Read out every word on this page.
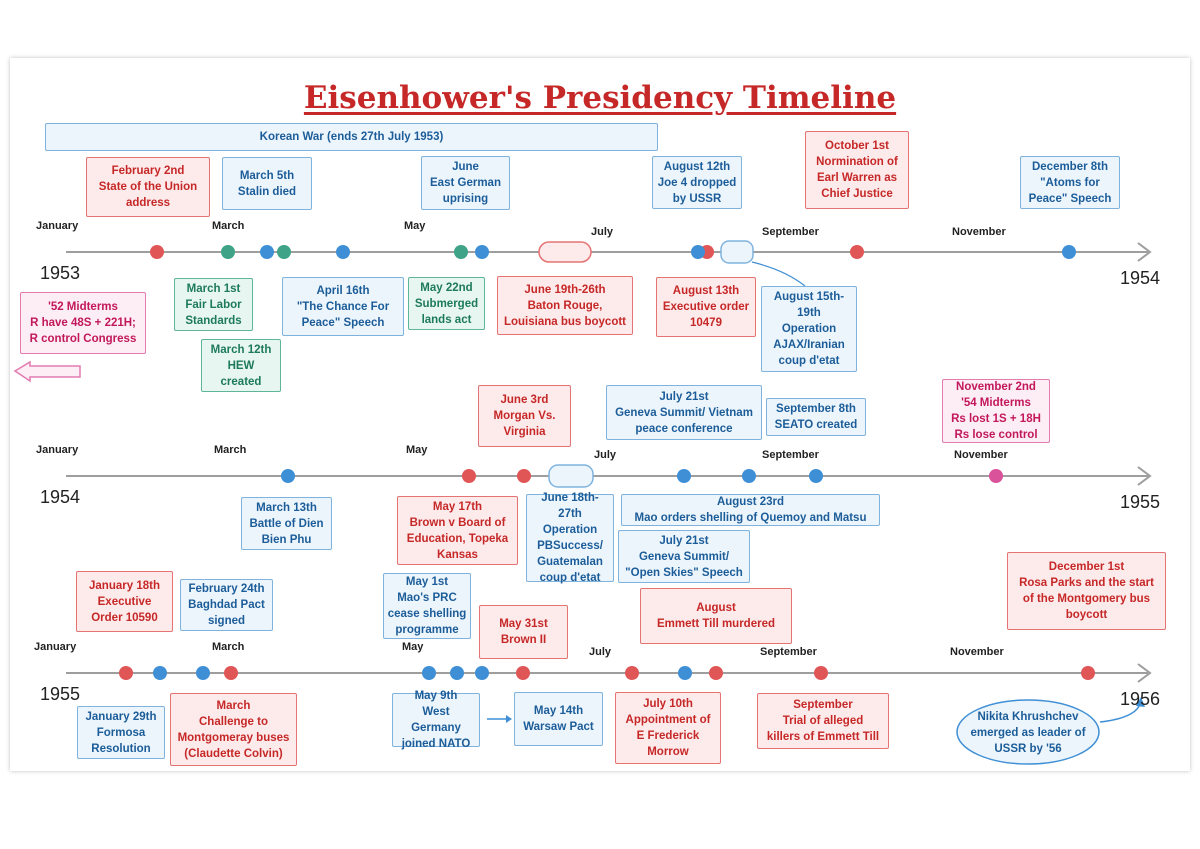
Eisenhower's Presidency Timeline
January	March	May	July	September	November
1953	1954
January	March	May	July	September	November
1954	1955
January	March	May	July	September	November
1955	1956
Korean War (ends 27th July 1953)
February 2nd
State of the Union
address
March 5th
Stalin died
June
East German
uprising
August 12th
Joe 4 dropped
by USSR
October 1st
Normination of
Earl Warren as
Chief Justice
December 8th
"Atoms for
Peace" Speech
March 1st
Fair Labor
Standards
April 16th
"The Chance For
Peace" Speech
May 22nd
Submerged
lands act
June 19th-26th
Baton Rouge,
Louisiana bus boycott
August 13th
Executive order
10479
August 15th-
19th
Operation
AJAX/Iranian
coup d'etat
'52 Midterms
R have 48S + 221H;
R control Congress
March 12th
HEW
created
June 3rd
Morgan Vs.
Virginia
July 21st
Geneva Summit/ Vietnam
peace conference
September 8th
SEATO created
November 2nd
'54 Midterms
Rs lost 1S + 18H
Rs lose control
March 13th
Battle of Dien
Bien Phu
May 17th
Brown v Board of
Education, Topeka
Kansas
June 18th-27th
Operation
PBSuccess/
Guatemalan
coup d'etat
August 23rd
Mao orders shelling of Quemoy and Matsu
July 21st
Geneva Summit/
"Open Skies" Speech
January 18th
Executive
Order 10590
February 24th
Baghdad Pact
signed
May 1st
Mao's PRC
cease shelling
programme	May 31st
Brown II
August
Emmett Till murdered
December 1st
Rosa Parks and the start
of the Montgomery bus
boycott
January 29th
Formosa
Resolution
March
Challenge to
Montgomeray buses
(Claudette Colvin)
May 9th
West Germany
joined NATO
May 14th
Warsaw Pact
July 10th
Appointment of
E Frederick
Morrow
September
Trial of alleged
killers of Emmett Till
Nikita Khrushchev
emerged as leader of
USSR by '56
